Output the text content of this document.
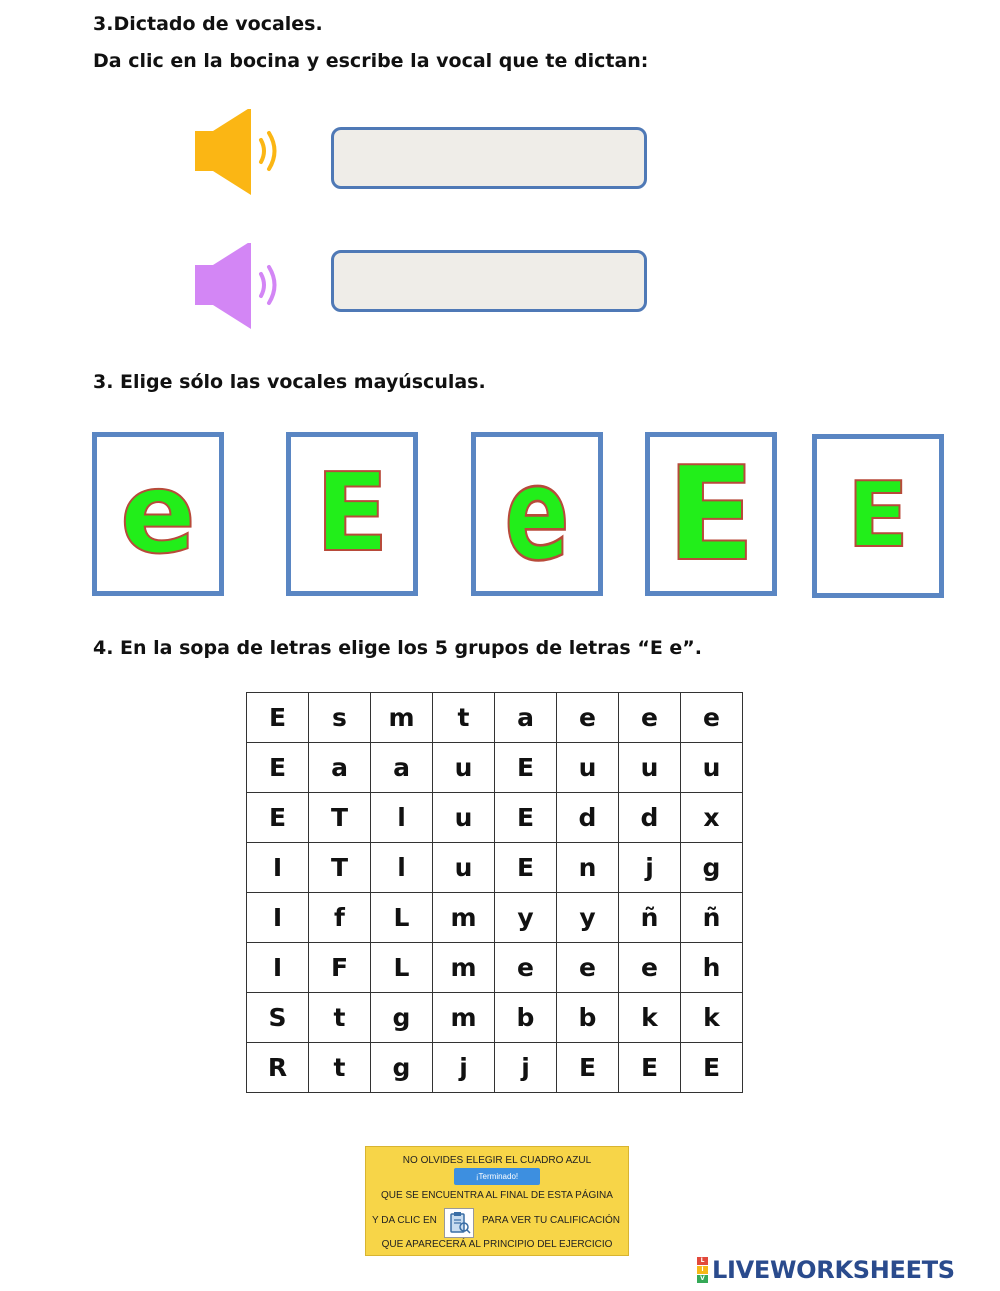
3.Dictado de vocales.

Da clic en la bocina y escribe la vocal que te dictan:

3. Elige sólo las vocales mayúsculas.
e E e E E
4. En la sopa de letras elige los 5 grupos de letras “E e”.
E	s	m	t	a	e	e	e
E	a	a	u	E	u	u	u
E	T	l	u	E	d	d	x
I	T	l	u	E	n	j	g
I	f	L	m	y	y	ñ	ñ
I	F	L	m	e	e	e	h
S	t	g	m	b	b	k	k
R	t	g	j	j	E	E	E
NO OLVIDES ELEGIR EL CUADRO AZUL
¡Terminado!
QUE SE ENCUENTRA AL FINAL DE ESTA PÁGINA
Y DA CLIC EN	PARA VER TU CALIFICACIÓN
QUE APARECERÁ AL PRINCIPIO DEL EJERCICIO
L
I
V LIVEWORKSHEETS
